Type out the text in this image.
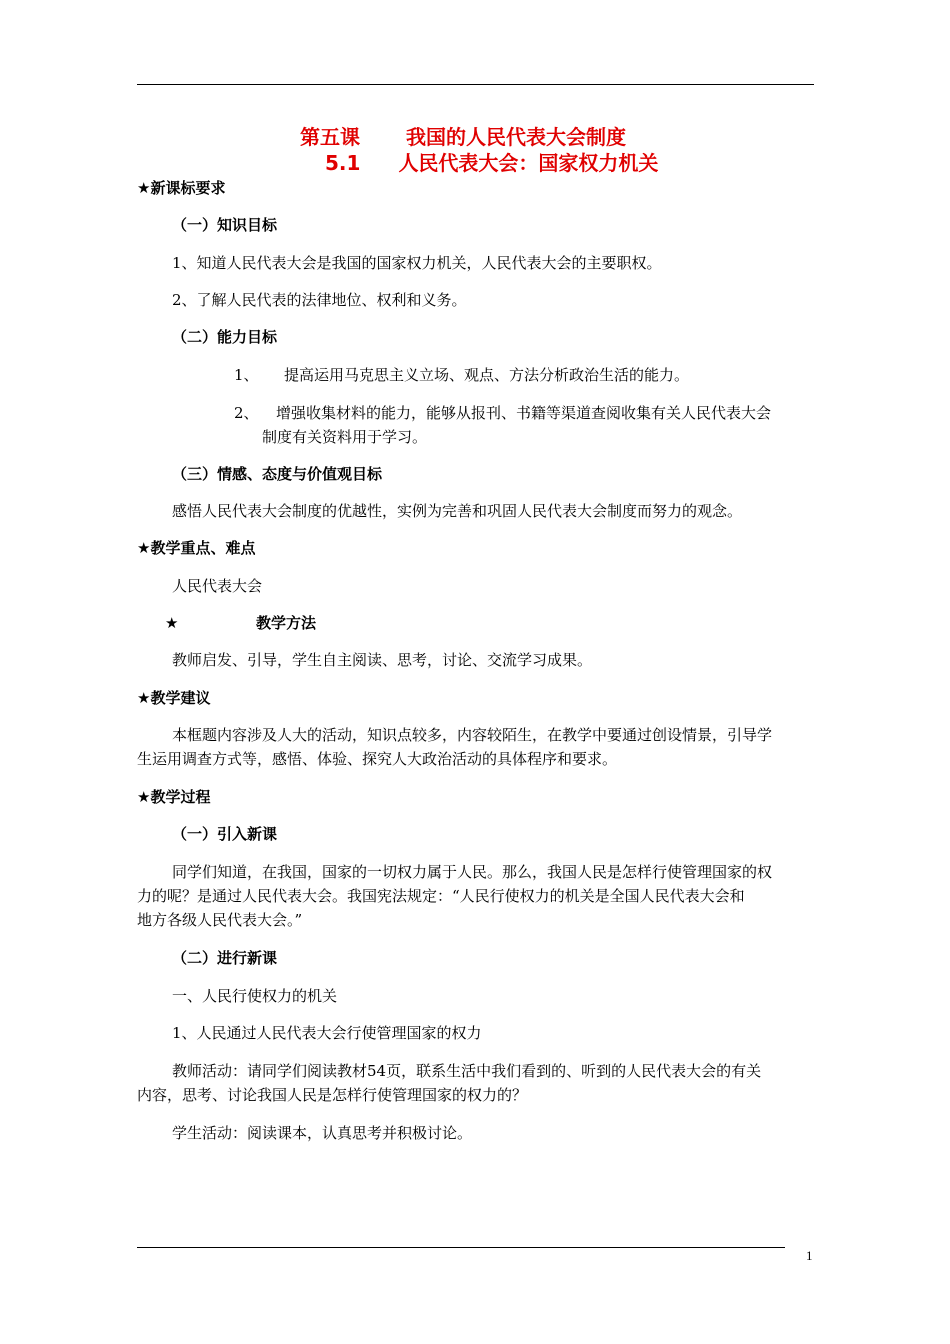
第五课 我国的人民代表大会制度
5.1 人民代表大会：国家权力机关
★新课标要求
（一）知识目标
1、知道人民代表大会是我国的国家权力机关，人民代表大会的主要职权。
2、了解人民代表的法律地位、权利和义务。
（二）能力目标
1、 提高运用马克思主义立场、观点、方法分析政治生活的能力。
2、 增强收集材料的能力，能够从报刊、书籍等渠道查阅收集有关人民代表大会
制度有关资料用于学习。
（三）情感、态度与价值观目标
感悟人民代表大会制度的优越性，实例为完善和巩固人民代表大会制度而努力的观念。
★教学重点、难点
人民代表大会
★	教学方法
教师启发、引导，学生自主阅读、思考，讨论、交流学习成果。
★教学建议
本框题内容涉及人大的活动，知识点较多，内容较陌生，在教学中要通过创设情景，引导学
生运用调查方式等，感悟、体验、探究人大政治活动的具体程序和要求。
★教学过程
（一）引入新课
同学们知道，在我国，国家的一切权力属于人民。那么，我国人民是怎样行使管理国家的权
力的呢？是通过人民代表大会。我国宪法规定：“人民行使权力的机关是全国人民代表大会和
地方各级人民代表大会。”
（二）进行新课
一、人民行使权力的机关
1、人民通过人民代表大会行使管理国家的权力
教师活动：请同学们阅读教材54页，联系生活中我们看到的、听到的人民代表大会的有关
内容，思考、讨论我国人民是怎样行使管理国家的权力的？
学生活动：阅读课本，认真思考并积极讨论。
1
